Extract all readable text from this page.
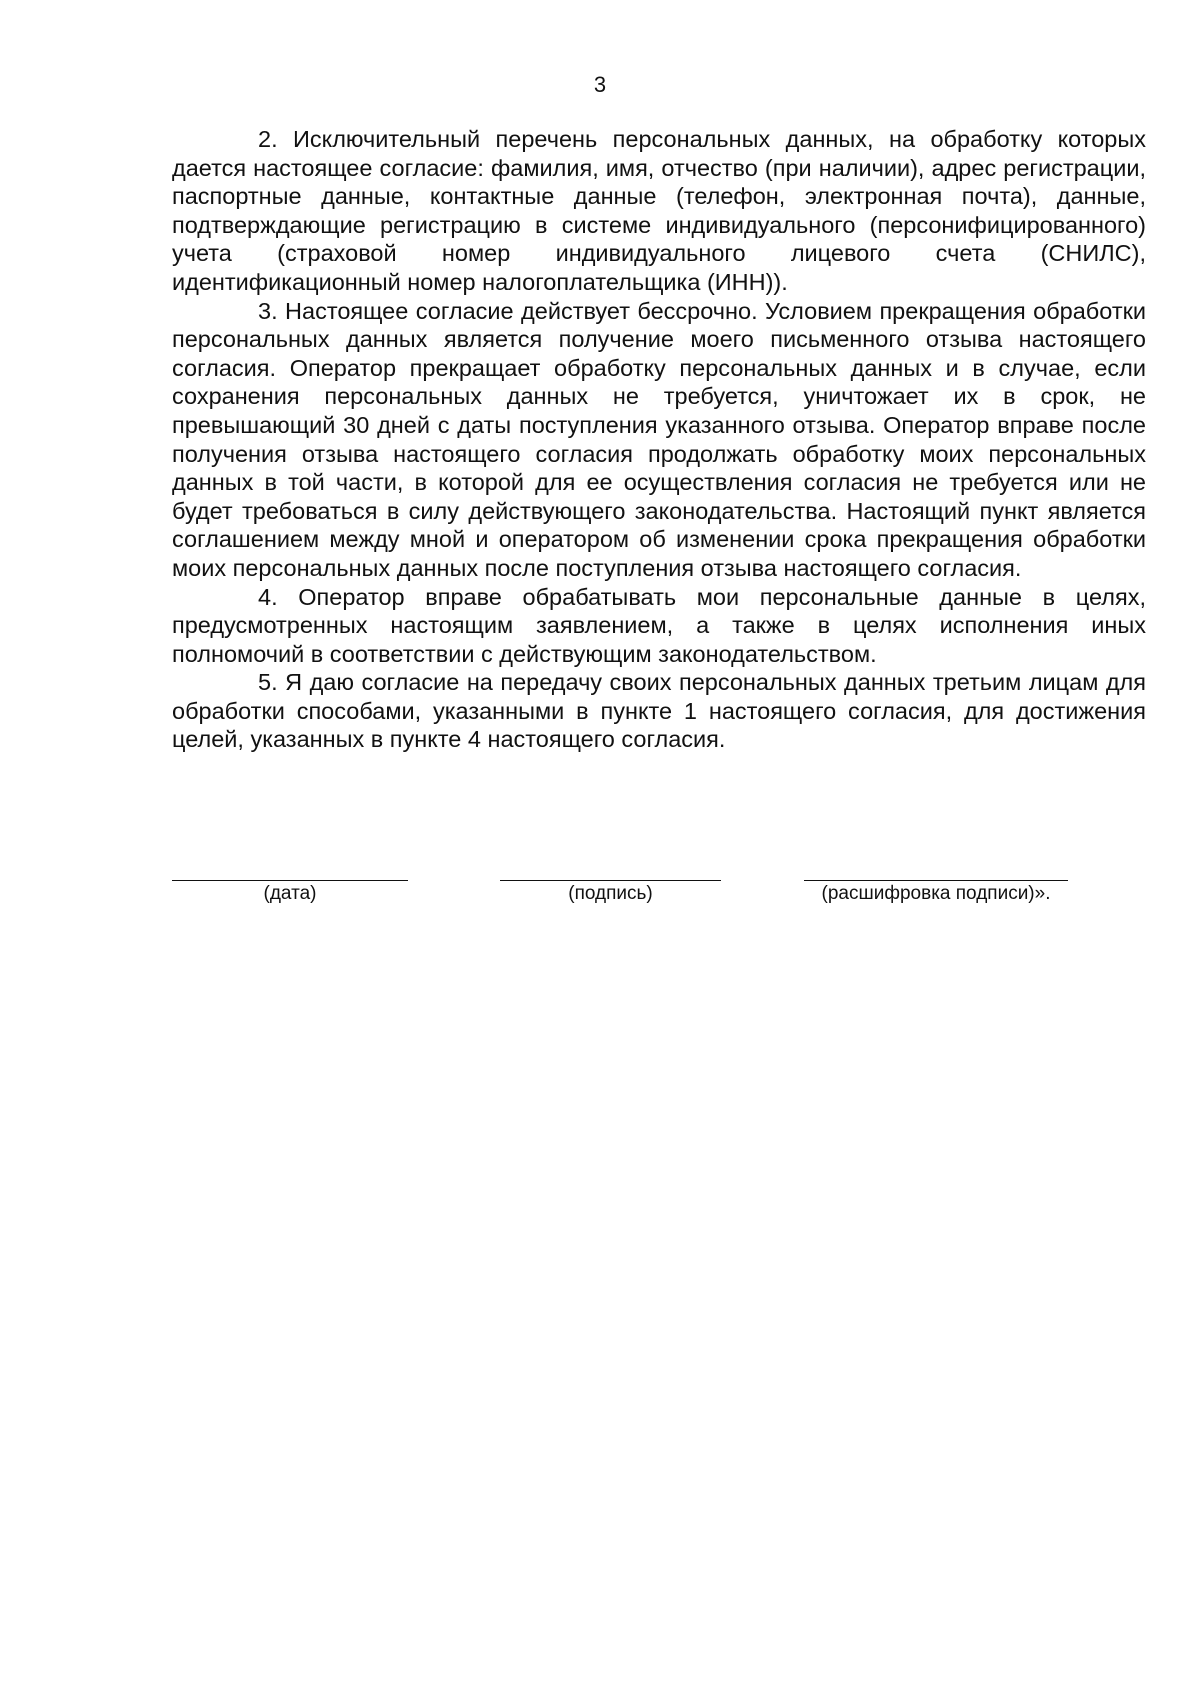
3

2. Исключительный перечень персональных данных, на обработку которых дается настоящее согласие: фамилия, имя, отчество (при наличии), адрес регистрации, паспортные данные, контактные данные (телефон, электронная почта), данные, подтверждающие регистрацию в системе индивидуального (персонифицированного) учета (страховой номер индивидуального лицевого счета (СНИЛС), идентификационный номер налогоплательщика (ИНН)).

3. Настоящее согласие действует бессрочно. Условием прекращения обработки персональных данных является получение моего письменного отзыва настоящего согласия. Оператор прекращает обработку персональных данных и в случае, если сохранения персональных данных не требуется, уничтожает их в срок, не превышающий 30 дней с даты поступления указанного отзыва. Оператор вправе после получения отзыва настоящего согласия продолжать обработку моих персональных данных в той части, в которой для ее осуществления согласия не требуется или не будет требоваться в силу действующего законодательства. Настоящий пункт является соглашением между мной и оператором об изменении срока прекращения обработки моих персональных данных после поступления отзыва настоящего согласия.

4. Оператор вправе обрабатывать мои персональные данные в целях, предусмотренных настоящим заявлением, а также в целях исполнения иных полномочий в соответствии с действующим законодательством.

5. Я даю согласие на передачу своих персональных данных третьим лицам для обработки способами, указанными в пункте 1 настоящего согласия, для достижения целей, указанных в пункте 4 настоящего согласия.

(дата)	(подпись)	(расшифровка подписи)».
